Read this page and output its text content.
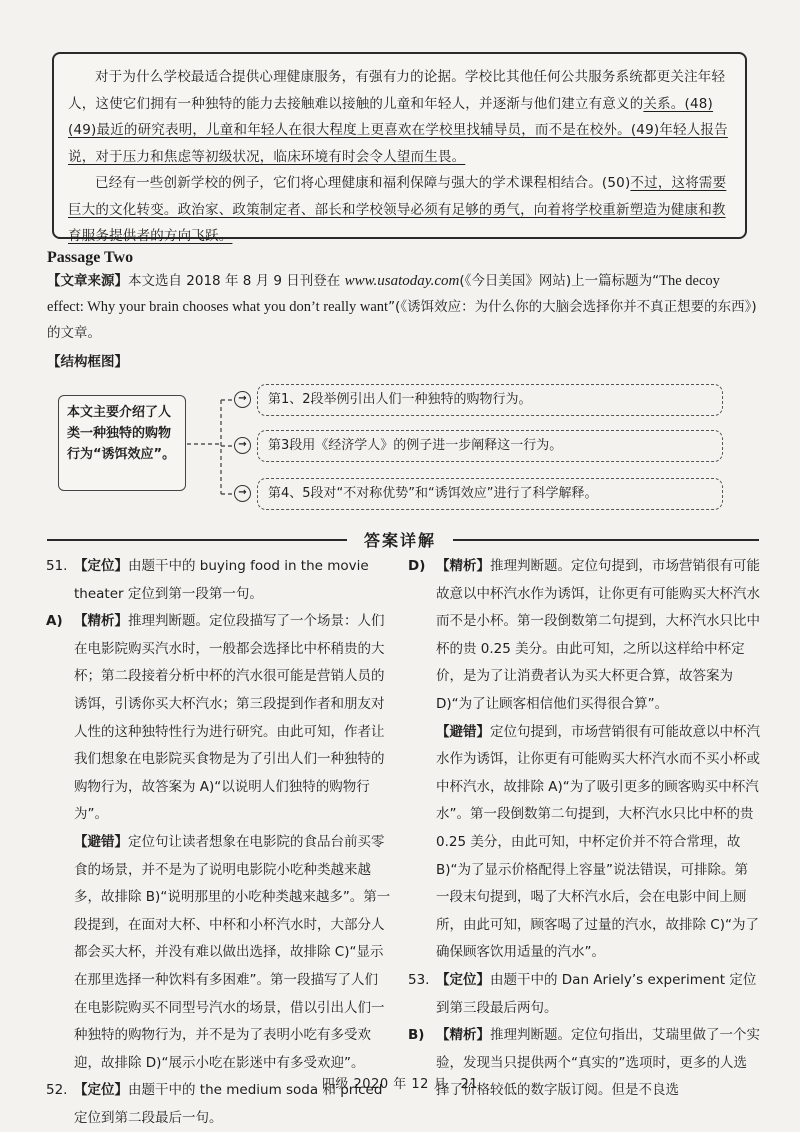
对于为什么学校最适合提供心理健康服务，有强有力的论据。学校比其他任何公共服务系统都更关注年轻人，这使它们拥有一种独特的能力去接触难以接触的儿童和年轻人，并逐渐与他们建立有意义的关系。(48)(49)最近的研究表明，儿童和年轻人在很大程度上更喜欢在学校里找辅导员，而不是在校外。(49)年轻人报告说，对于压力和焦虑等初级状况，临床环境有时会令人望而生畏。

已经有一些创新学校的例子，它们将心理健康和福利保障与强大的学术课程相结合。(50)不过，这将需要巨大的文化转变。政治家、政策制定者、部长和学校领导必须有足够的勇气，向着将学校重新塑造为健康和教育服务提供者的方向飞跃。

Passage Two
【文章来源】本文选自 2018 年 8 月 9 日刊登在 www.usatoday.com(《今日美国》网站)上一篇标题为“The decoy effect: Why your brain chooses what you don’t really want”(《诱饵效应：为什么你的大脑会选择你并不真正想要的东西》)的文章。
【结构框图】
本文主要介绍了人类一种独特的购物行为“诱饵效应”。
→	第1、2段举例引出人们一种独特的购物行为。
→	第3段用《经济学人》的例子进一步阐释这一行为。
→	第4、5段对“不对称优势”和“诱饵效应”进行了科学解释。
答案详解
51. 【定位】由题干中的 buying food in the movie theater 定位到第一段第一句。
A) 【精析】推理判断题。定位段描写了一个场景：人们在电影院购买汽水时，一般都会选择比中杯稍贵的大杯；第二段接着分析中杯的汽水很可能是营销人员的诱饵，引诱你买大杯汽水；第三段提到作者和朋友对人性的这种独特性行为进行研究。由此可知，作者让我们想象在电影院买食物是为了引出人们一种独特的购物行为，故答案为 A)“以说明人们独特的购物行为”。
【避错】定位句让读者想象在电影院的食品台前买零食的场景，并不是为了说明电影院小吃种类越来越多，故排除 B)“说明那里的小吃种类越来越多”。第一段提到，在面对大杯、中杯和小杯汽水时，大部分人都会买大杯，并没有难以做出选择，故排除 C)“显示在那里选择一种饮料有多困难”。第一段描写了人们在电影院购买不同型号汽水的场景，借以引出人们一种独特的购物行为，并不是为了表明小吃有多受欢迎，故排除 D)“展示小吃在影迷中有多受欢迎”。
52. 【定位】由题干中的 the medium soda 和 priced 定位到第二段最后一句。
D) 【精析】推理判断题。定位句提到，市场营销很有可能故意以中杯汽水作为诱饵，让你更有可能购买大杯汽水而不是小杯。第一段倒数第二句提到，大杯汽水只比中杯的贵 0.25 美分。由此可知，之所以这样给中杯定价，是为了让消费者认为买大杯更合算，故答案为 D)“为了让顾客相信他们买得很合算”。
【避错】定位句提到，市场营销很有可能故意以中杯汽水作为诱饵，让你更有可能购买大杯汽水而不买小杯或中杯汽水，故排除 A)“为了吸引更多的顾客购买中杯汽水”。第一段倒数第二句提到，大杯汽水只比中杯的贵 0.25 美分，由此可知，中杯定价并不符合常理，故 B)“为了显示价格配得上容量”说法错误，可排除。第一段末句提到，喝了大杯汽水后，会在电影中间上厕所，由此可知，顾客喝了过量的汽水，故排除 C)“为了确保顾客饮用适量的汽水”。
53. 【定位】由题干中的 Dan Ariely’s experiment 定位到第三段最后两句。
B) 【精析】推理判断题。定位句指出，艾瑞里做了一个实验，发现当只提供两个“真实的”选项时，更多的人选择了价格较低的数字版订阅。但是不良选
四级 2020 年 12 月　21
